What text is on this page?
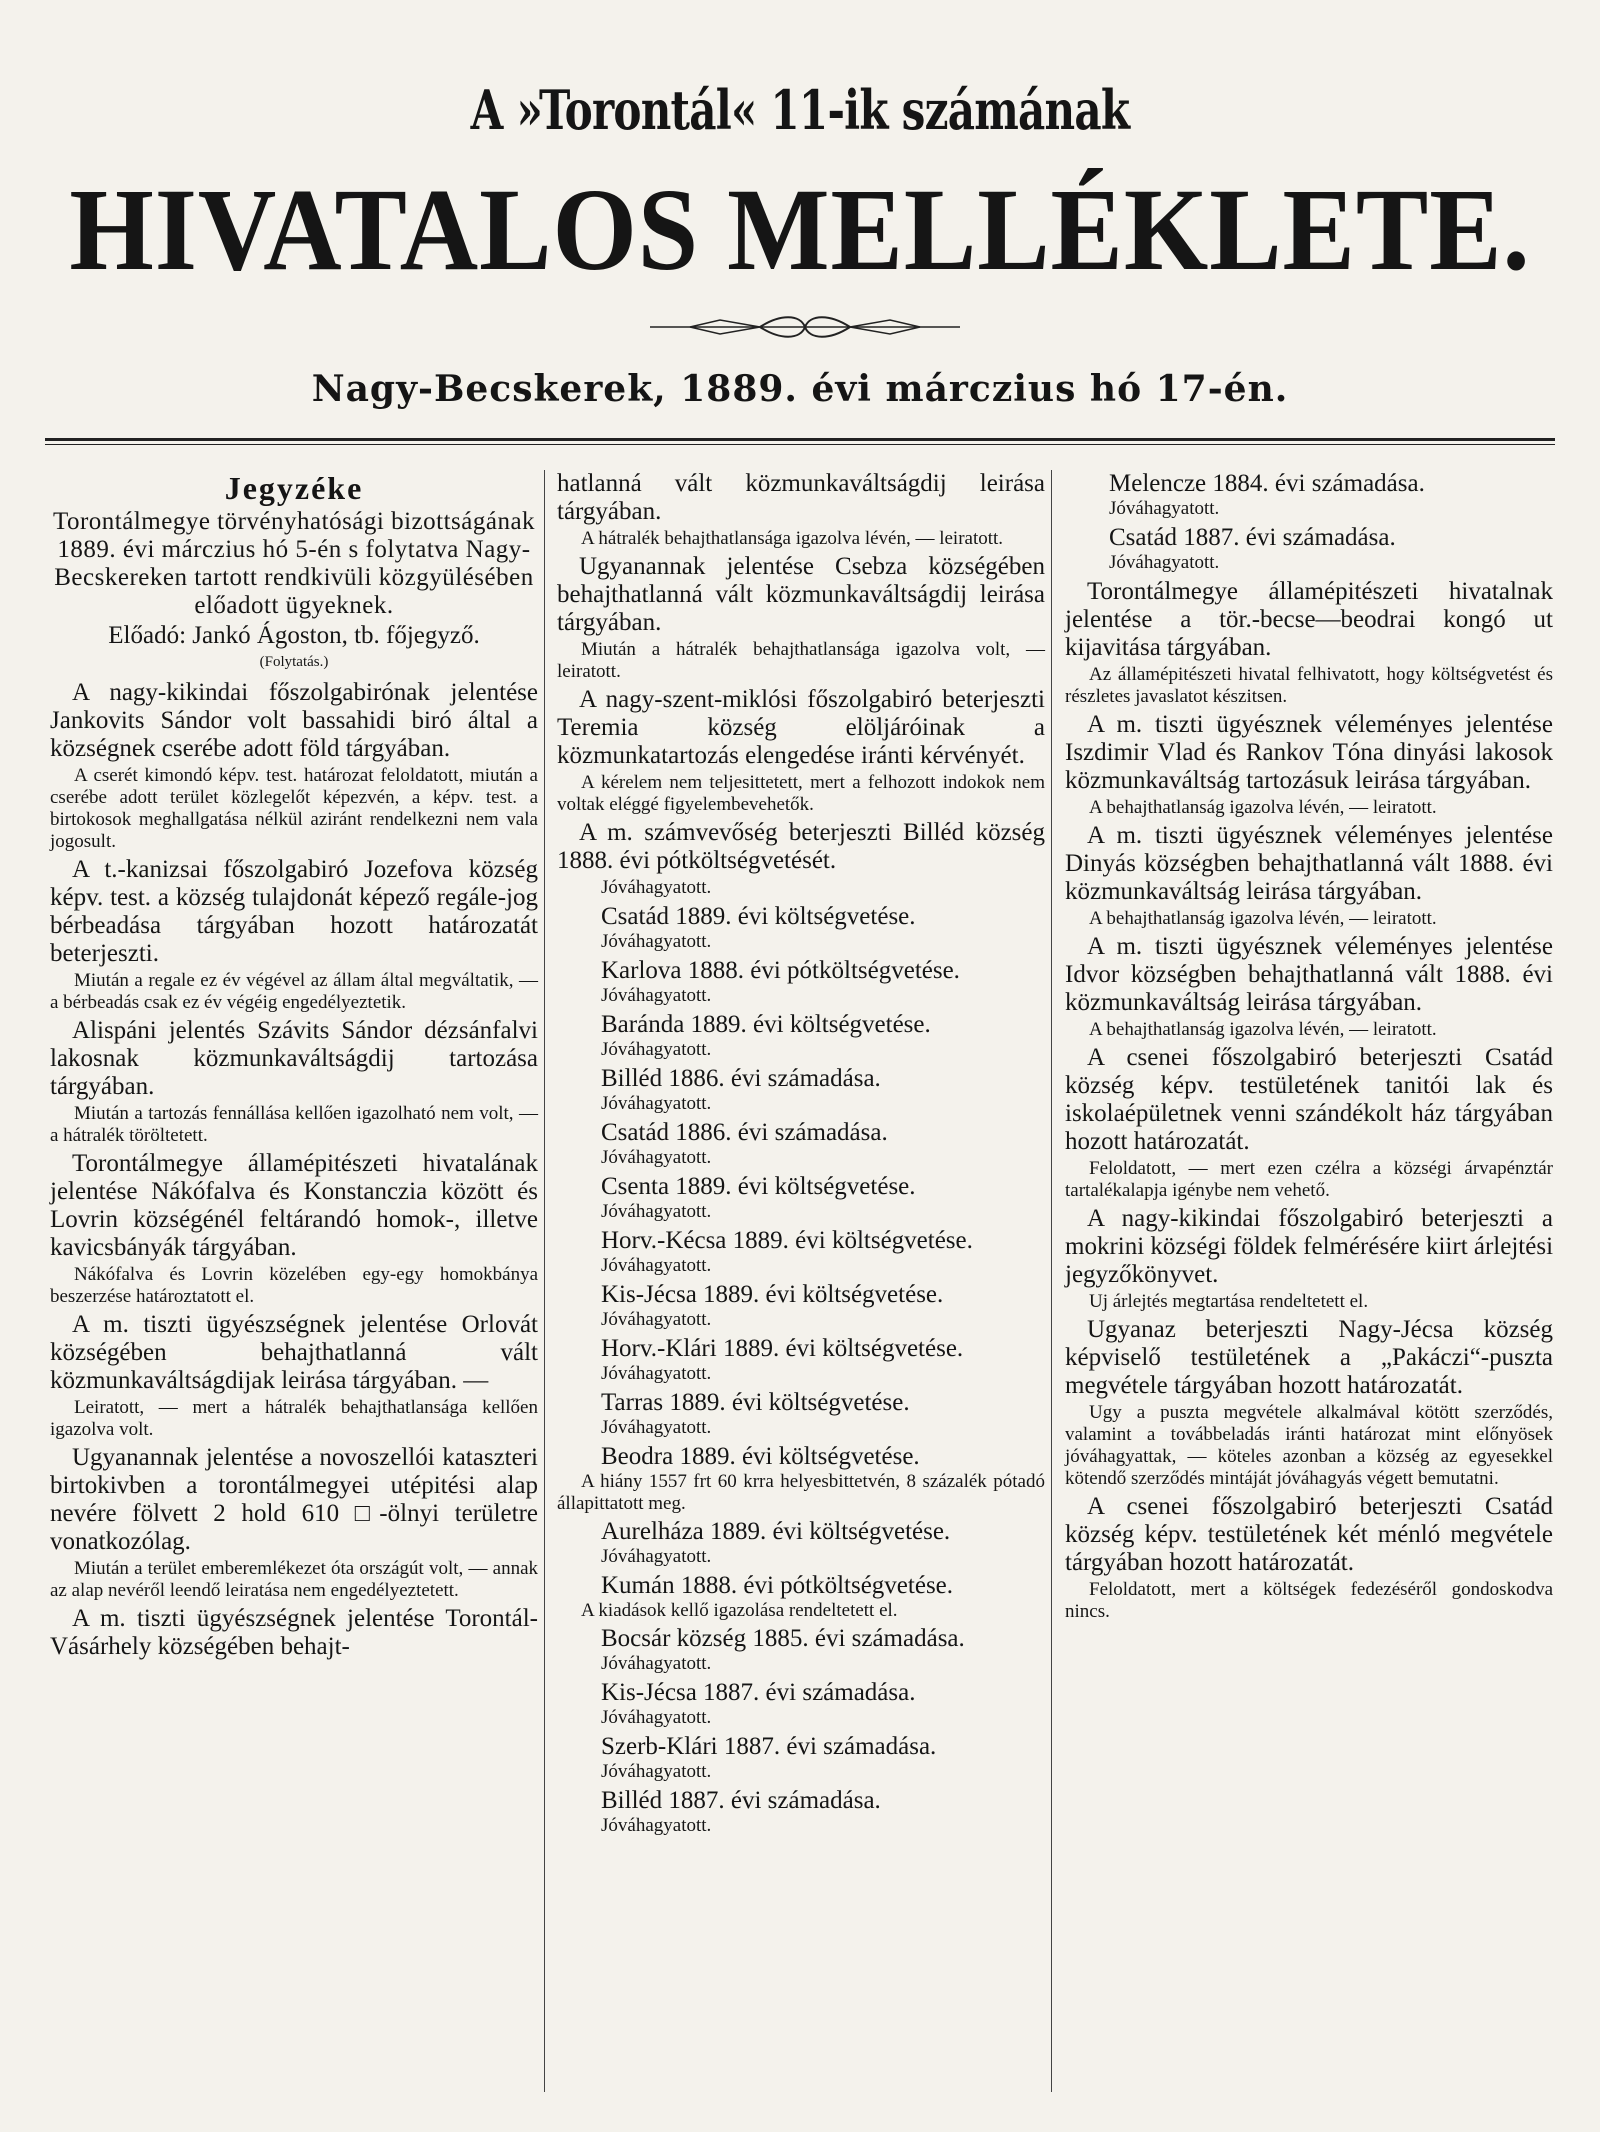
A »Torontál« 11-ik számának
HIVATALOS MELLÉKLETE.
Nagy-Becskerek, 1889. évi márczius hó 17-én.
Jegyzéke
Torontálmegye törvényhatósági bizottságának 1889. évi márczius hó 5-én s folytatva Nagy-Becskereken tartott rendkivüli közgyülésében előadott ügyeknek.
Előadó: Jankó Ágoston, tb. főjegyző.
(Folytatás.)
A nagy-kikindai főszolgabirónak jelentése Jankovits Sándor volt bassahidi biró által a községnek cserébe adott föld tárgyában.
A cserét kimondó képv. test. határozat feloldatott, miután a cserébe adott terület közlegelőt képezvén, a képv. test. a birtokosok meghallgatása nélkül aziránt rendelkezni nem vala jogosult.
A t.-kanizsai főszolgabiró Jozefova község képv. test. a község tulajdonát képező regále-jog bérbeadása tárgyában hozott határozatát beterjeszti.
Miután a regale ez év végével az állam által megváltatik, — a bérbeadás csak ez év végéig engedélyeztetik.
Alispáni jelentés Szávits Sándor dézsánfalvi lakosnak közmunkaváltságdij tartozása tárgyában.
Miután a tartozás fennállása kellően igazolható nem volt, — a hátralék töröltetett.
Torontálmegye államépitészeti hivatalának jelentése Nákófalva és Konstanczia között és Lovrin községénél feltárandó homok-, illetve kavicsbányák tárgyában.
Nákófalva és Lovrin közelében egy-egy homokbánya beszerzése határoztatott el.
A m. tiszti ügyészségnek jelentése Orlovát községében behajthatlanná vált közmunkaváltságdijak leirása tárgyában. —
Leiratott, — mert a hátralék behajthatlansága kellően igazolva volt.
Ugyanannak jelentése a novoszellói kataszteri birtokivben a torontálmegyei utépitési alap nevére fölvett 2 hold 610 □-ölnyi területre vonatkozólag.
Miután a terület emberemlékezet óta országút volt, — annak az alap nevéről leendő leiratása nem engedélyeztetett.
A m. tiszti ügyészségnek jelentése Torontál-Vásárhely községében behajt-
hatlanná vált közmunkaváltságdij leirása tárgyában.
A hátralék behajthatlansága igazolva lévén, — leiratott.
Ugyanannak jelentése Csebza községében behajthatlanná vált közmunkaváltságdij leirása tárgyában.
Miután a hátralék behajthatlansága igazolva volt, — leiratott.
A nagy-szent-miklósi főszolgabiró beterjeszti Teremia község elöljáróinak a közmunkatartozás elengedése iránti kérvényét.
A kérelem nem teljesittetett, mert a felhozott indokok nem voltak eléggé figyelembevehetők.
A m. számvevőség beterjeszti Billéd község 1888. évi pótköltségvetését.
Jóváhagyatott.
Csatád 1889. évi költségvetése.
Jóváhagyatott.
Karlova 1888. évi pótköltségvetése.
Jóváhagyatott.
Baránda 1889. évi költségvetése.
Jóváhagyatott.
Billéd 1886. évi számadása.
Jóváhagyatott.
Csatád 1886. évi számadása.
Jóváhagyatott.
Csenta 1889. évi költségvetése.
Jóváhagyatott.
Horv.-Kécsa 1889. évi költségvetése.
Jóváhagyatott.
Kis-Jécsa 1889. évi költségvetése.
Jóváhagyatott.
Horv.-Klári 1889. évi költségvetése.
Jóváhagyatott.
Tarras 1889. évi költségvetése.
Jóváhagyatott.
Beodra 1889. évi költségvetése.
A hiány 1557 frt 60 krra helyesbittetvén, 8 százalék pótadó állapittatott meg.
Aurelháza 1889. évi költségvetése.
Jóváhagyatott.
Kumán 1888. évi pótköltségvetése.
A kiadások kellő igazolása rendeltetett el.
Bocsár község 1885. évi számadása.
Jóváhagyatott.
Kis-Jécsa 1887. évi számadása.
Jóváhagyatott.
Szerb-Klári 1887. évi számadása.
Jóváhagyatott.
Billéd 1887. évi számadása.
Jóváhagyatott.
Melencze 1884. évi számadása.
Jóváhagyatott.
Csatád 1887. évi számadása.
Jóváhagyatott.
Torontálmegye államépitészeti hivatalnak jelentése a tör.-becse—beodrai kongó ut kijavitása tárgyában.
Az államépitészeti hivatal felhivatott, hogy költségvetést és részletes javaslatot készitsen.
A m. tiszti ügyésznek véleményes jelentése Iszdimir Vlad és Rankov Tóna dinyási lakosok közmunkaváltság tartozásuk leirása tárgyában.
A behajthatlanság igazolva lévén, — leiratott.
A m. tiszti ügyésznek véleményes jelentése Dinyás községben behajthatlanná vált 1888. évi közmunkaváltság leirása tárgyában.
A behajthatlanság igazolva lévén, — leiratott.
A m. tiszti ügyésznek véleményes jelentése Idvor községben behajthatlanná vált 1888. évi közmunkaváltság leirása tárgyában.
A behajthatlanság igazolva lévén, — leiratott.
A csenei főszolgabiró beterjeszti Csatád község képv. testületének tanitói lak és iskolaépületnek venni szándékolt ház tárgyában hozott határozatát.
Feloldatott, — mert ezen czélra a községi árvapénztár tartalékalapja igénybe nem vehető.
A nagy-kikindai főszolgabiró beterjeszti a mokrini községi földek felmérésére kiirt árlejtési jegyzőkönyvet.
Uj árlejtés megtartása rendeltetett el.
Ugyanaz beterjeszti Nagy-Jécsa község képviselő testületének a „Pakáczi“-puszta megvétele tárgyában hozott határozatát.
Ugy a puszta megvétele alkalmával kötött szerződés, valamint a továbbeladás iránti határozat mint előnyösek jóváhagyattak, — köteles azonban a község az egyesekkel kötendő szerződés mintáját jóváhagyás végett bemutatni.
A csenei főszolgabiró beterjeszti Csatád község képv. testületének két ménló megvétele tárgyában hozott határozatát.
Feloldatott, mert a költségek fedezéséről gondoskodva nincs.
